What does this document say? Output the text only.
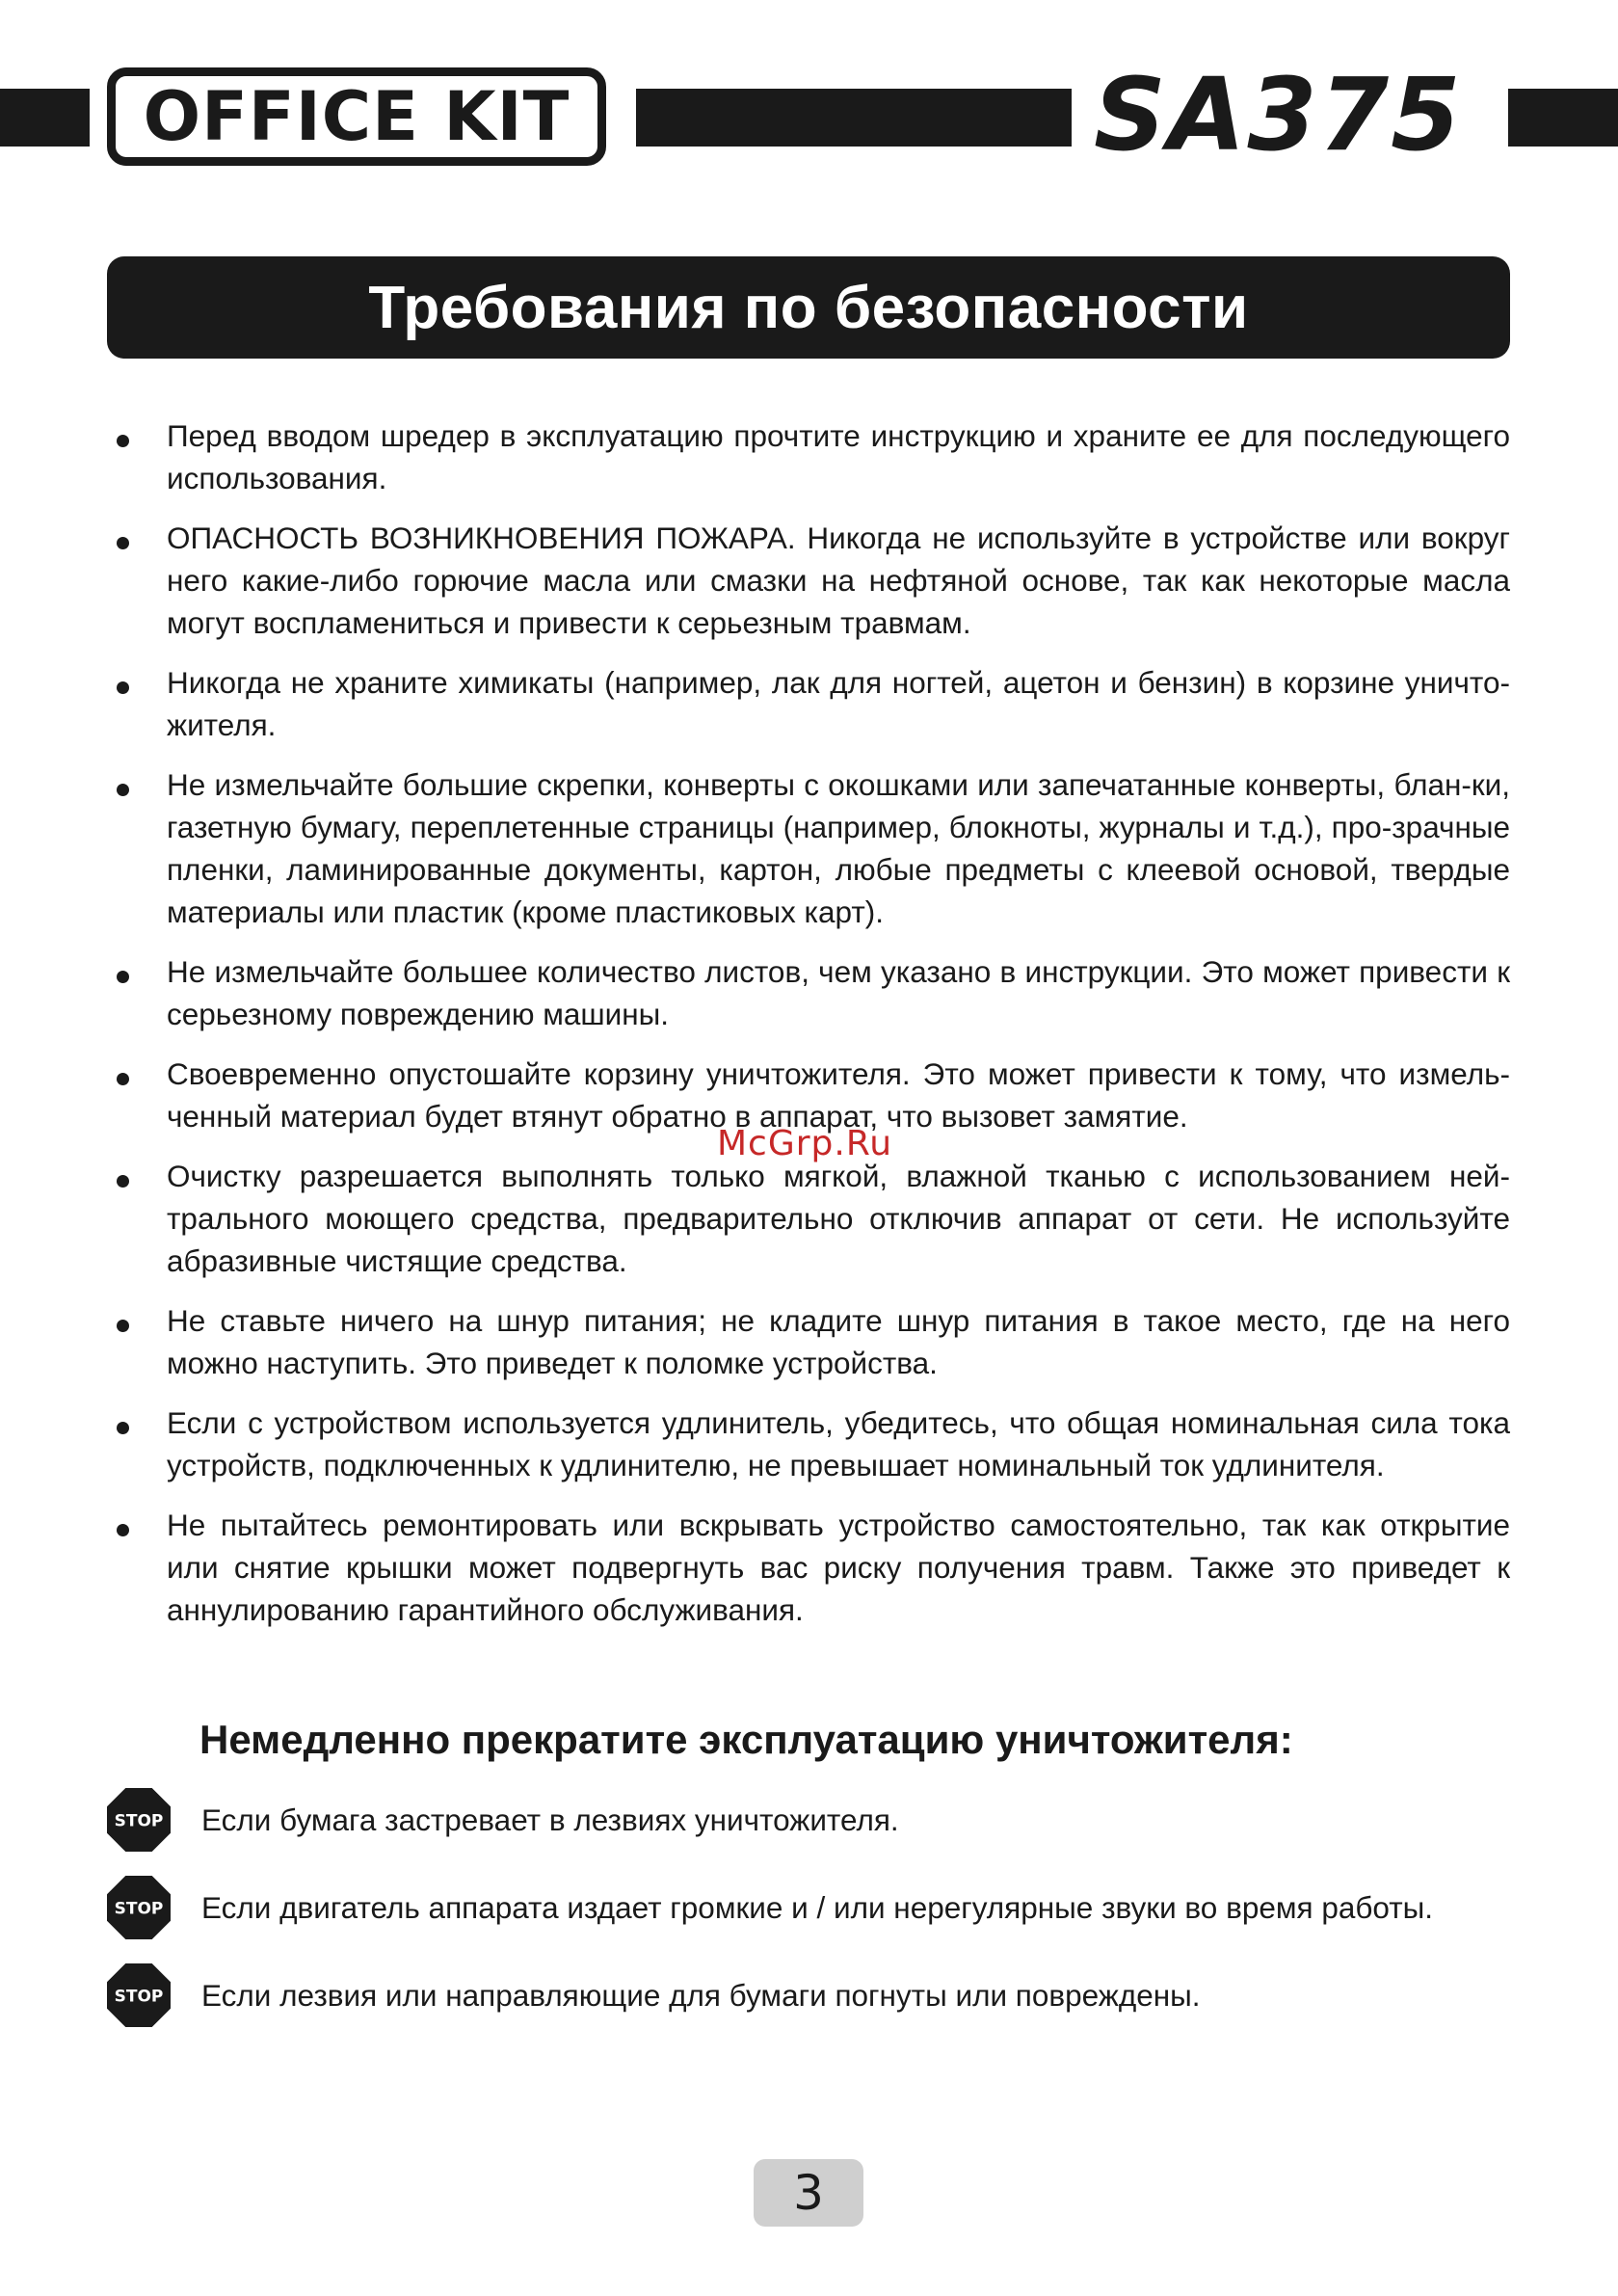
OFFICE KIT	SA375
Требования по безопасности
Перед вводом шредер в эксплуатацию прочтите инструкцию и храните ее для последующего использования.
ОПАСНОСТЬ ВОЗНИКНОВЕНИЯ ПОЖАРА. Никогда не используйте в устройстве или вокруг него какие-либо горючие масла или смазки на нефтяной основе, так как некоторые масла могут воспламениться и привести к серьезным травмам.
Никогда не храните химикаты (например, лак для ногтей, ацетон и бензин) в корзине уничто-жителя.
Не измельчайте большие скрепки, конверты с окошками или запечатанные конверты, блан-ки, газетную бумагу, переплетенные страницы (например, блокноты, журналы и т.д.), про-зрачные пленки, ламинированные документы, картон, любые предметы с клеевой основой, твердые материалы или пластик (кроме пластиковых карт).
Не измельчайте большее количество листов, чем указано в инструкции. Это может привести к серьезному повреждению машины.
Своевременно опустошайте корзину уничтожителя. Это может привести к тому, что измель-ченный материал будет втянут обратно в аппарат, что вызовет замятие.
Очистку разрешается выполнять только мягкой, влажной тканью с использованием ней-трального моющего средства, предварительно отключив аппарат от сети. Не используйте абразивные чистящие средства.
Не ставьте ничего на шнур питания; не кладите шнур питания в такое место, где на него можно наступить. Это приведет к поломке устройства.
Если с устройством используется удлинитель, убедитесь, что общая номинальная сила тока устройств, подключенных к удлинителю, не превышает номинальный ток удлинителя.
Не пытайтесь ремонтировать или вскрывать устройство самостоятельно, так как открытие или снятие крышки может подвергнуть вас риску получения травм. Также это приведет к аннулированию гарантийного обслуживания.
McGrp.Ru
Немедленно прекратите эксплуатацию уничтожителя:
STOP Если бумага застревает в лезвиях уничтожителя.
STOP Если двигатель аппарата издает громкие и / или нерегулярные звуки во время работы.
STOP Если лезвия или направляющие для бумаги погнуты или повреждены.
3
